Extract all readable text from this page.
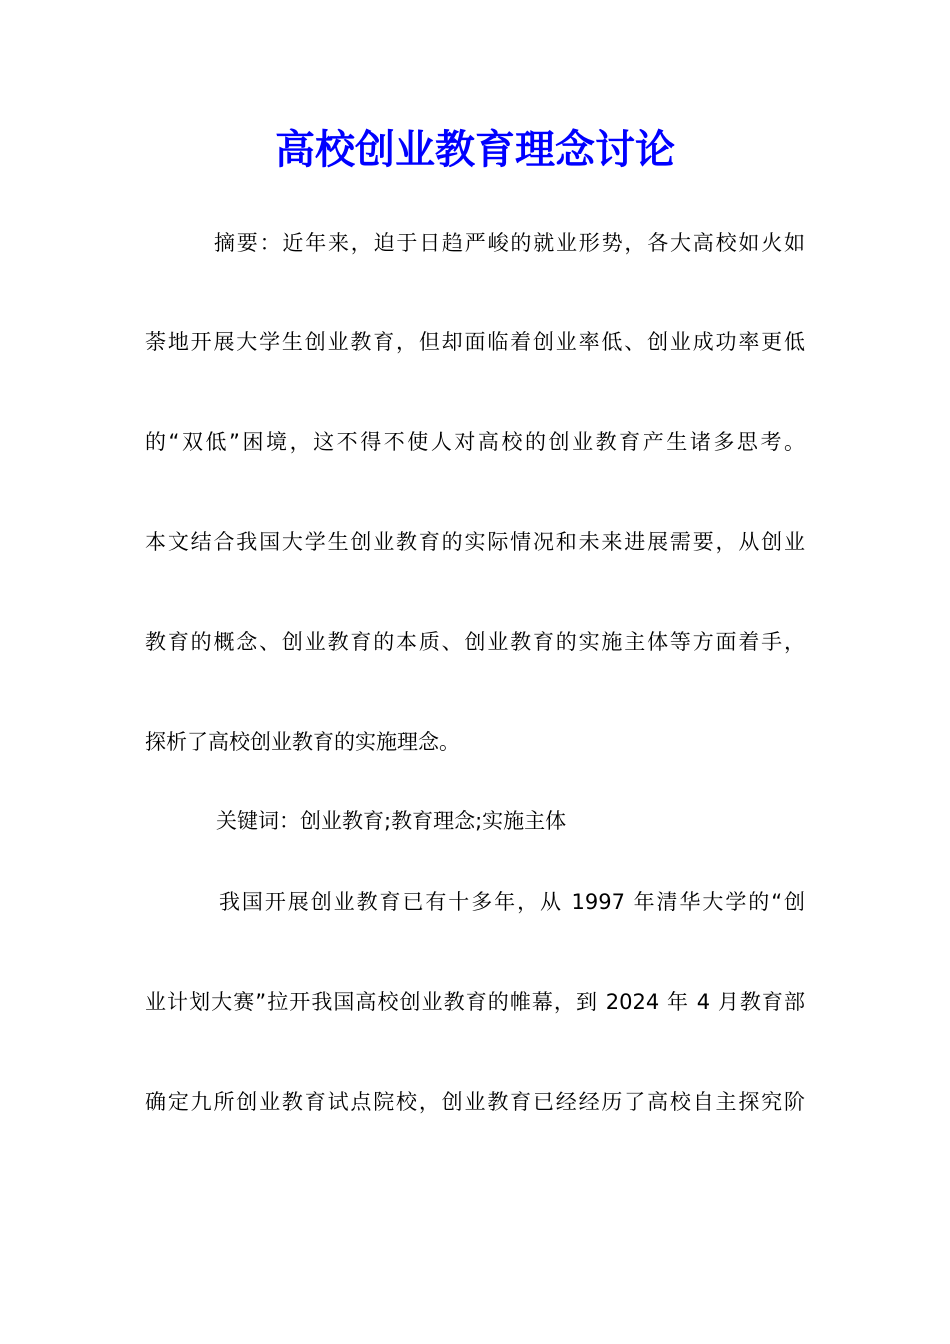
高校创业教育理念讨论
摘要：近年来，迫于日趋严峻的就业形势，各大高校如火如
荼地开展大学生创业教育，但却面临着创业率低、创业成功率更低
的“双低”困境，这不得不使人对高校的创业教育产生诸多思考。
本文结合我国大学生创业教育的实际情况和未来进展需要，从创业
教育的概念、创业教育的本质、创业教育的实施主体等方面着手，
探析了高校创业教育的实施理念。
关键词：创业教育;教育理念;实施主体
我国开展创业教育已有十多年，从 1997 年清华大学的“创
业计划大赛”拉开我国高校创业教育的帷幕，到 2024 年 4 月教育部
确定九所创业教育试点院校，创业教育已经经历了高校自主探究阶
